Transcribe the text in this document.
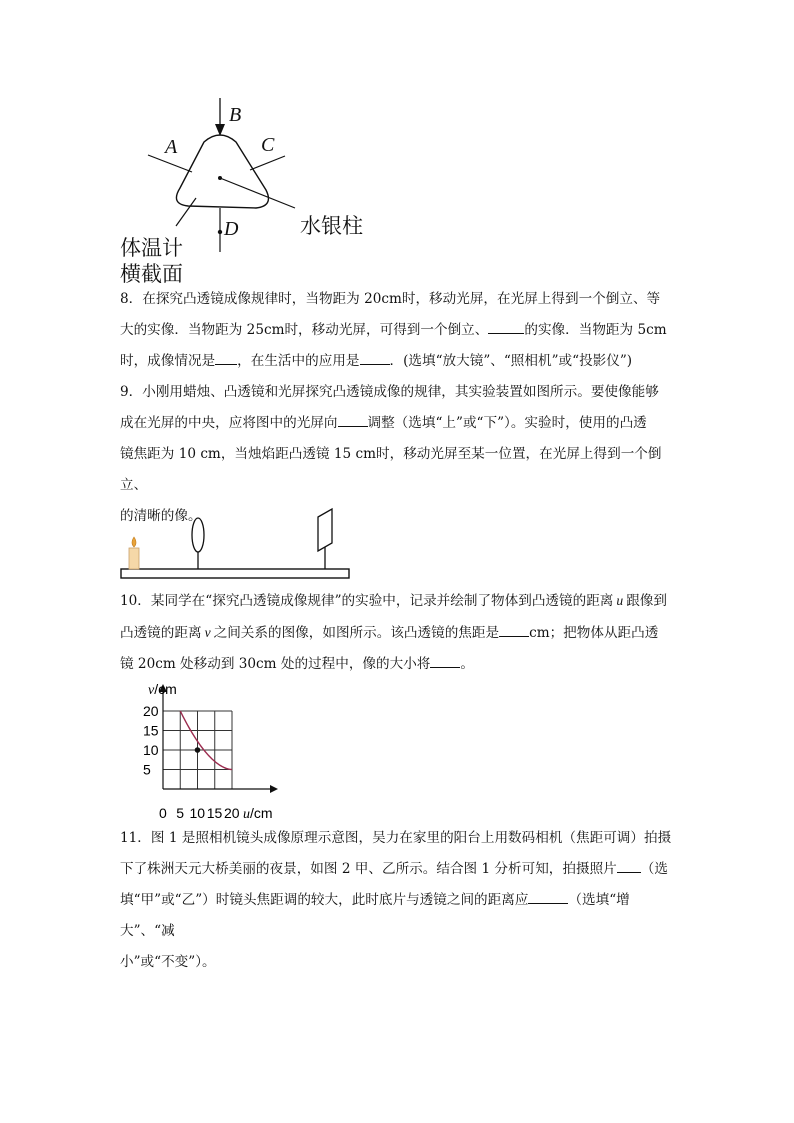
B
A	C
D	水银柱
体温计
横截面
8．在探究凸透镜成像规律时，当物距为 20cm时，移动光屏，在光屏上得到一个倒立、等
大的实像．当物距为 25cm时，移动光屏，可得到一个倒立、	的实像．当物距为 5cm
时，成像情况是 ，在生活中的应用是 ．(选填“放大镜”、“照相机”或“投影仪”)
9．小刚用蜡烛、凸透镜和光屏探究凸透镜成像的规律，其实验装置如图所示。要使像能够
成在光屏的中央，应将图中的光屏向 调整（选填“上”或“下”）。实验时，使用的凸透
镜焦距为 10 cm，当烛焰距凸透镜 15 cm时，移动光屏至某一位置，在光屏上得到一个倒立、
的清晰的像。
10．某同学在“探究凸透镜成像规律”的实验中，记录并绘制了物体到凸透镜的距离 u 跟像到
凸透镜的距离 v 之间关系的图像，如图所示。该凸透镜的焦距是 cm；把物体从距凸透
镜 20cm 处移动到 30cm 处的过程中，像的大小将 。
20
15
10
5
0 5 10 15 20
v/cm
u/cm
11．图 1 是照相机镜头成像原理示意图，吴力在家里的阳台上用数码相机（焦距可调）拍摄
下了株洲天元大桥美丽的夜景，如图 2 甲、乙所示。结合图 1 分析可知，拍摄照片 （选
填“甲”或“乙”）时镜头焦距调的较大，此时底片与透镜之间的距离应	（选填“增大”、“减
小”或“不变”）。
